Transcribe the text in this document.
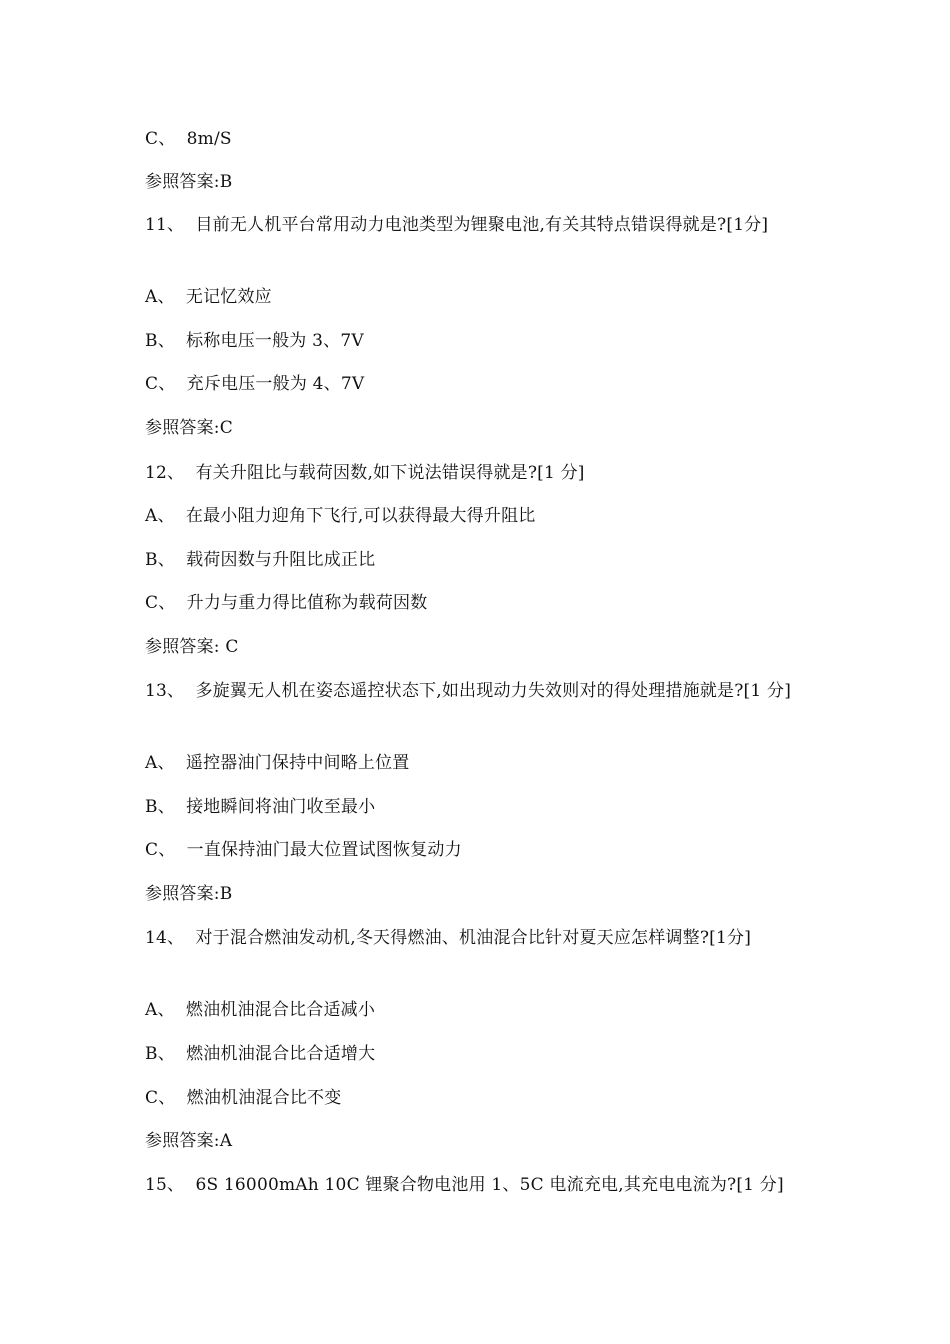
C、  8m/S
参照答案:B
11、  目前无人机平台常用动力电池类型为锂聚电池,有关其特点错误得就是?[1分]
A、  无记忆效应
B、  标称电压一般为 3、7V
C、  充斥电压一般为 4、7V
参照答案:C
12、  有关升阻比与载荷因数,如下说法错误得就是?[1 分]
A、  在最小阻力迎角下飞行,可以获得最大得升阻比
B、  载荷因数与升阻比成正比
C、  升力与重力得比值称为载荷因数
参照答案: C
13、  多旋翼无人机在姿态遥控状态下,如出现动力失效则对的得处理措施就是?[1 分]
A、  遥控器油门保持中间略上位置
B、  接地瞬间将油门收至最小
C、  一直保持油门最大位置试图恢复动力
参照答案:B
14、  对于混合燃油发动机,冬天得燃油、机油混合比针对夏天应怎样调整?[1分]
A、  燃油机油混合比合适减小
B、  燃油机油混合比合适增大
C、  燃油机油混合比不变
参照答案:A
15、  6S 16000mAh 10C 锂聚合物电池用 1、5C 电流充电,其充电电流为?[1 分]
